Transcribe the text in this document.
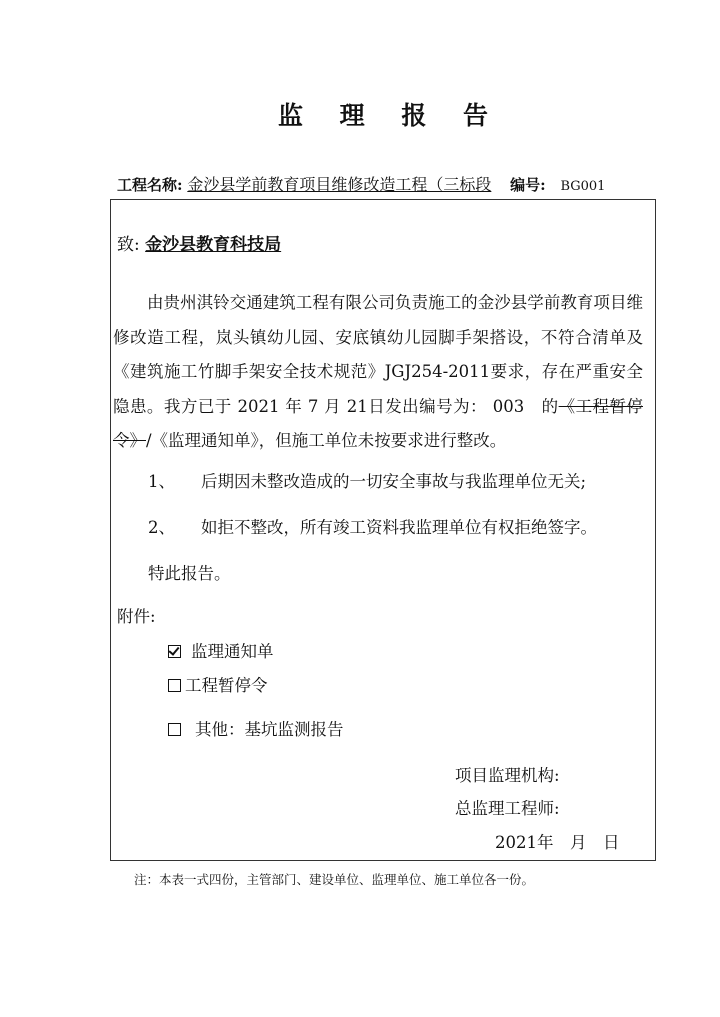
监 理 报 告
工程名称: 金沙县学前教育项目维修改造工程（三标段 编号: BG001
致: 金沙县教育科技局
由贵州淇铃交通建筑工程有限公司负责施工的金沙县学前教育项目维修改造工程，岚头镇幼儿园、安底镇幼儿园脚手架搭设，不符合清单及《建筑施工竹脚手架安全技术规范》JGJ254-2011要求，存在严重安全隐患。我方已于 2021 年 7 月 21日发出编号为： 003　的《工程暂停令》/《监理通知单》，但施工单位未按要求进行整改。
1、 后期因未整改造成的一切安全事故与我监理单位无关;
2、 如拒不整改，所有竣工资料我监理单位有权拒绝签字。
特此报告。
附件:
监理通知单
工程暂停令
其他：基坑监测报告
项目监理机构:
总监理工程师:
2021年　月　日
注：本表一式四份，主管部门、建设单位、监理单位、施工单位各一份。
